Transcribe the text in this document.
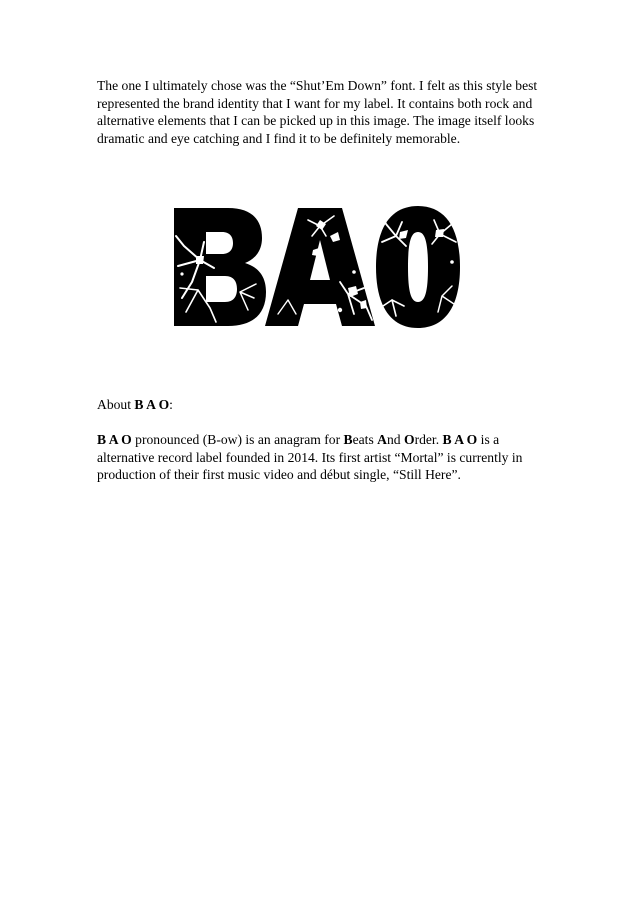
The one I ultimately chose was the “Shut’Em Down” font. I felt as this style best represented the brand identity that I want for my label. It contains both rock and alternative elements that I can be picked up in this image. The image itself looks dramatic and eye catching and I find it to be definitely memorable.

About B A O:

B A O pronounced (B-ow) is an anagram for Beats And Order. B A O is a alternative record label founded in 2014. Its first artist “Mortal” is currently in production of their first music video and début single, “Still Here”.
